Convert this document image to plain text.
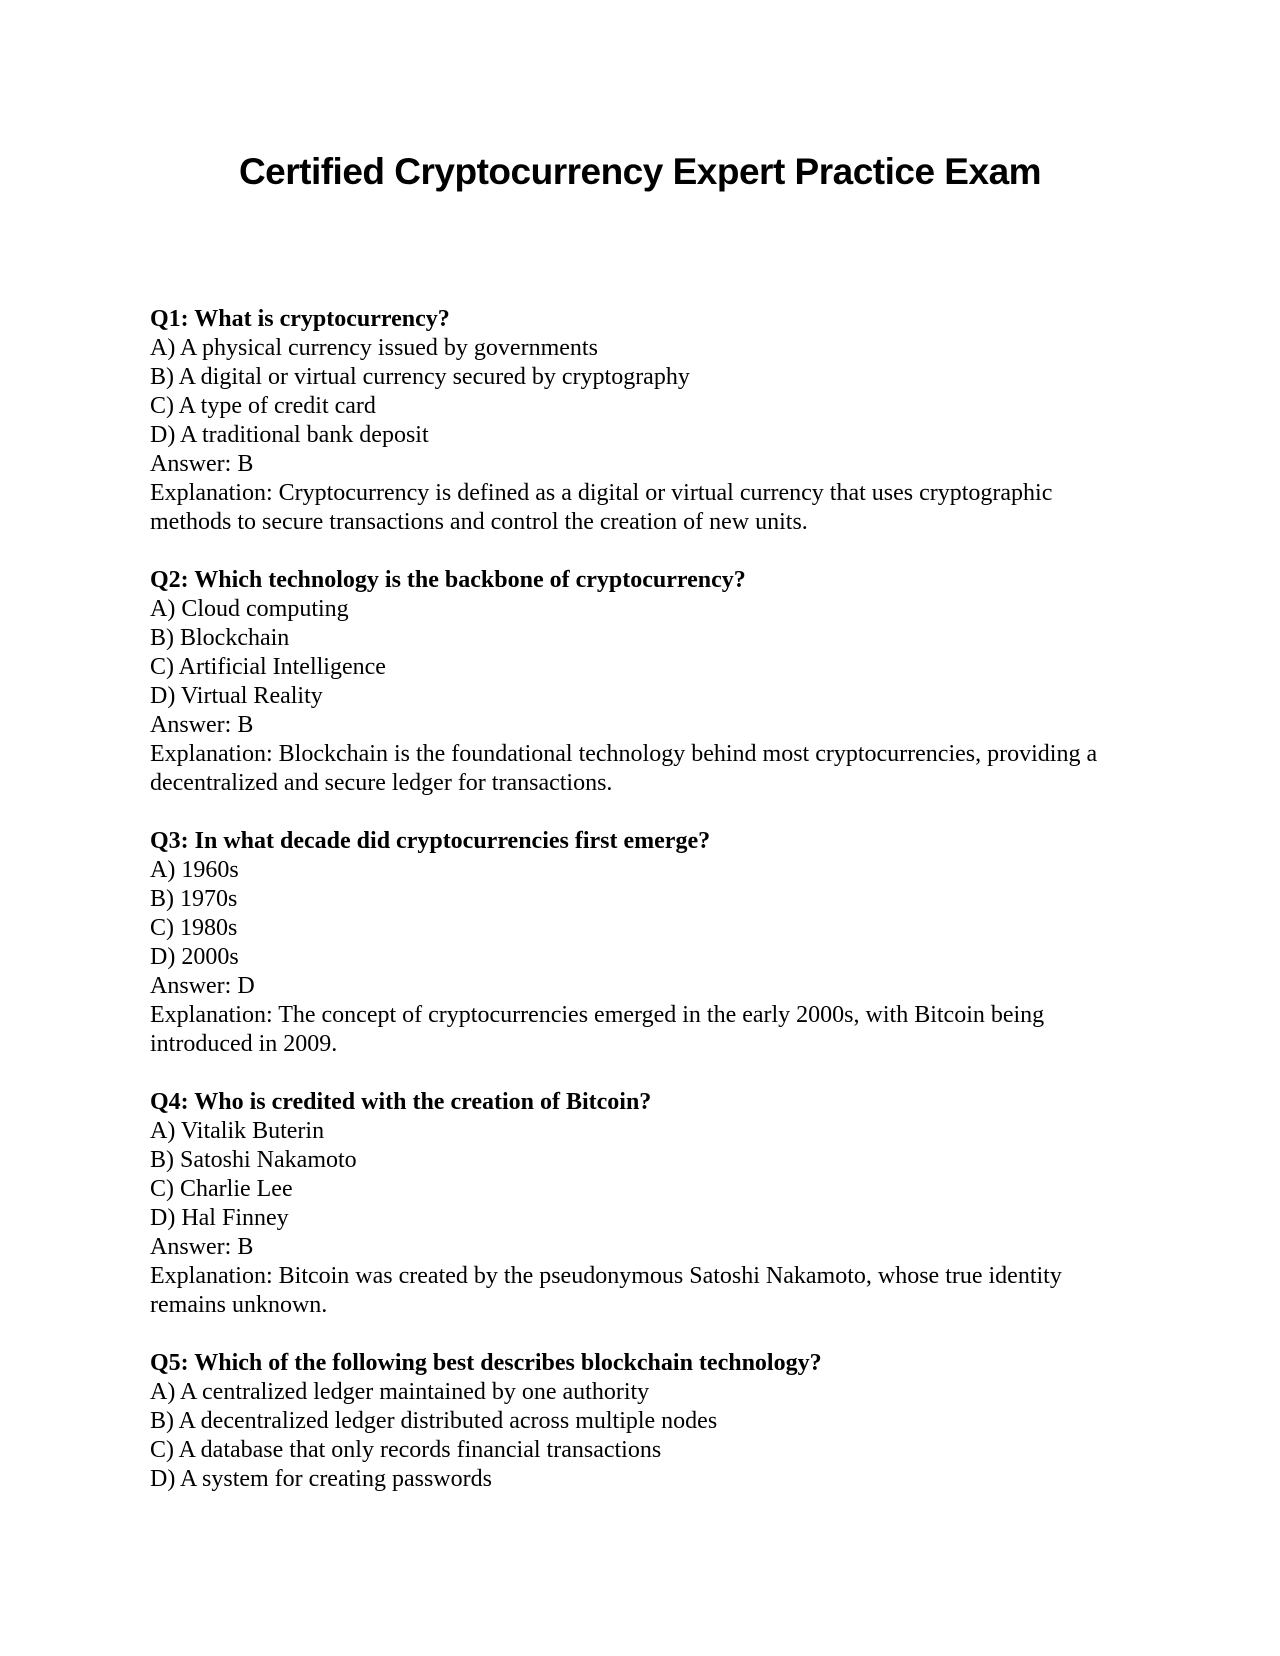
Certified Cryptocurrency Expert Practice Exam
Q1: What is cryptocurrency?
A) A physical currency issued by governments
B) A digital or virtual currency secured by cryptography
C) A type of credit card
D) A traditional bank deposit
Answer: B
Explanation: Cryptocurrency is defined as a digital or virtual currency that uses cryptographic methods to secure transactions and control the creation of new units.
Q2: Which technology is the backbone of cryptocurrency?
A) Cloud computing
B) Blockchain
C) Artificial Intelligence
D) Virtual Reality
Answer: B
Explanation: Blockchain is the foundational technology behind most cryptocurrencies, providing a decentralized and secure ledger for transactions.
Q3: In what decade did cryptocurrencies first emerge?
A) 1960s
B) 1970s
C) 1980s
D) 2000s
Answer: D
Explanation: The concept of cryptocurrencies emerged in the early 2000s, with Bitcoin being introduced in 2009.
Q4: Who is credited with the creation of Bitcoin?
A) Vitalik Buterin
B) Satoshi Nakamoto
C) Charlie Lee
D) Hal Finney
Answer: B
Explanation: Bitcoin was created by the pseudonymous Satoshi Nakamoto, whose true identity remains unknown.
Q5: Which of the following best describes blockchain technology?
A) A centralized ledger maintained by one authority
B) A decentralized ledger distributed across multiple nodes
C) A database that only records financial transactions
D) A system for creating passwords
